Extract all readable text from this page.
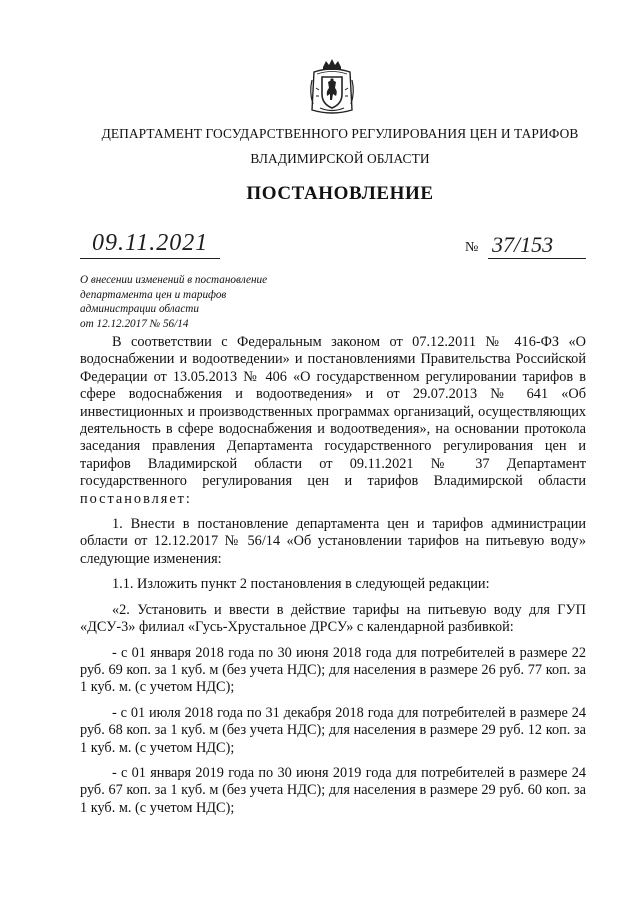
ДЕПАРТАМЕНТ ГОСУДАРСТВЕННОГО РЕГУЛИРОВАНИЯ ЦЕН И ТАРИФОВ
ВЛАДИМИРСКОЙ ОБЛАСТИ
ПОСТАНОВЛЕНИЕ
09.11.2021	№ 37/153
О внесении изменений в постановление
департамента цен и тарифов
администрации области
от 12.12.2017 № 56/14

В соответствии с Федеральным законом от 07.12.2011 № 416-ФЗ «О водоснабжении и водоотведении» и постановлениями Правительства Российской Федерации от 13.05.2013 № 406 «О государственном регулировании тарифов в сфере водоснабжения и водоотведения» и от 29.07.2013 № 641 «Об инвестиционных и производственных программах организаций, осуществляющих деятельность в сфере водоснабжения и водоотведения», на основании протокола заседания правления Департамента государственного регулирования цен и тарифов Владимирской области от 09.11.2021 № 37 Департамент государственного регулирования цен и тарифов Владимирской области постановляет:

1. Внести в постановление департамента цен и тарифов администрации области от 12.12.2017 № 56/14 «Об установлении тарифов на питьевую воду» следующие изменения:

1.1. Изложить пункт 2 постановления в следующей редакции:

«2. Установить и ввести в действие тарифы на питьевую воду для ГУП «ДСУ-3» филиал «Гусь-Хрустальное ДРСУ» с календарной разбивкой:

- с 01 января 2018 года по 30 июня 2018 года для потребителей в размере 22 руб. 69 коп. за 1 куб. м (без учета НДС); для населения в размере 26 руб. 77 коп. за 1 куб. м. (с учетом НДС);

- с 01 июля 2018 года по 31 декабря 2018 года для потребителей в размере 24 руб. 68 коп. за 1 куб. м (без учета НДС); для населения в размере 29 руб. 12 коп. за 1 куб. м. (с учетом НДС);

- с 01 января 2019 года по 30 июня 2019 года для потребителей в размере 24 руб. 67 коп. за 1 куб. м (без учета НДС); для населения в размере 29 руб. 60 коп. за 1 куб. м. (с учетом НДС);
